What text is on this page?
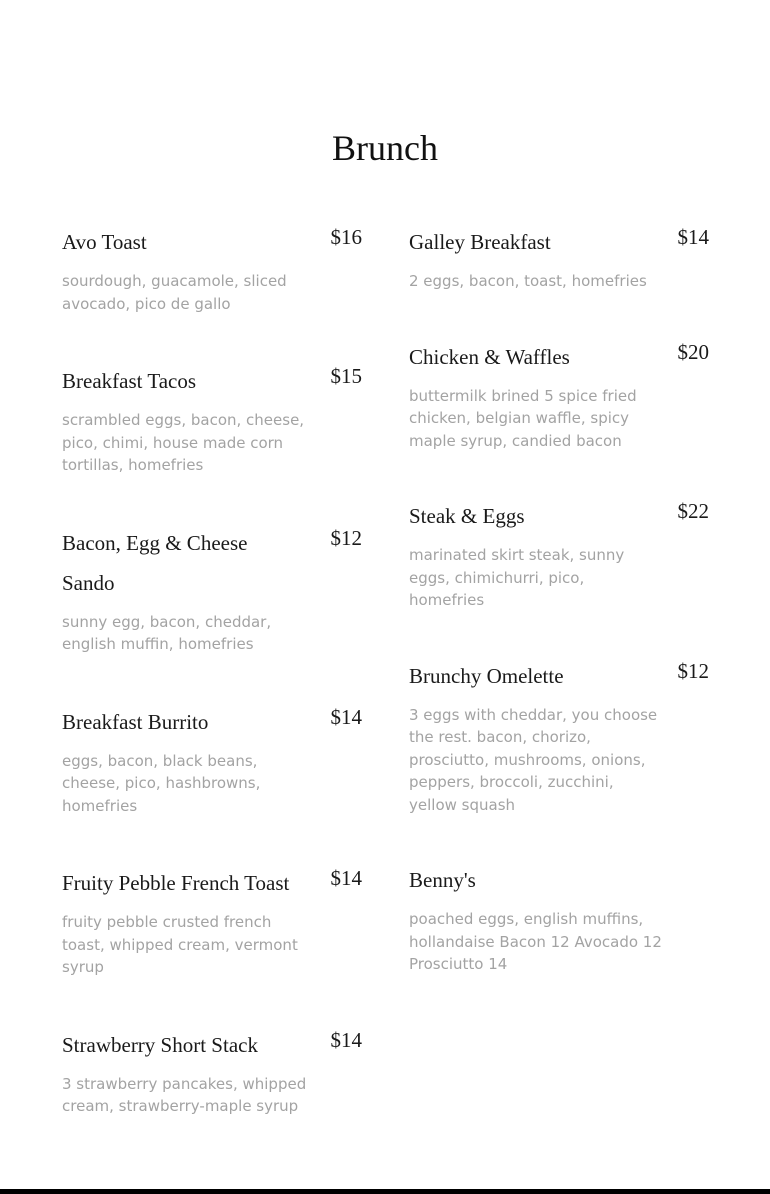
Brunch
Avo Toast	$16
sourdough, guacamole, sliced avocado, pico de gallo
Breakfast Tacos	$15
scrambled eggs, bacon, cheese, pico, chimi, house made corn tortillas, homefries
Bacon, Egg & Cheese Sando
$12
sunny egg, bacon, cheddar, english muffin, homefries
Breakfast Burrito	$14
eggs, bacon, black beans, cheese, pico, hashbrowns, homefries
Fruity Pebble French Toast $14
fruity pebble crusted french toast, whipped cream, vermont syrup
Strawberry Short Stack	$14
3 strawberry pancakes, whipped cream, strawberry-maple syrup
Galley Breakfast	$14
2 eggs, bacon, toast, homefries
Chicken & Waffles	$20
buttermilk brined 5 spice fried chicken, belgian waffle, spicy maple syrup, candied bacon
Steak & Eggs	$22
marinated skirt steak, sunny eggs, chimichurri, pico, homefries
Brunchy Omelette	$12
3 eggs with cheddar, you choose the rest. bacon, chorizo, prosciutto, mushrooms, onions, peppers, broccoli, zucchini, yellow squash
Benny's
poached eggs, english muffins, hollandaise Bacon 12 Avocado 12 Prosciutto 14
